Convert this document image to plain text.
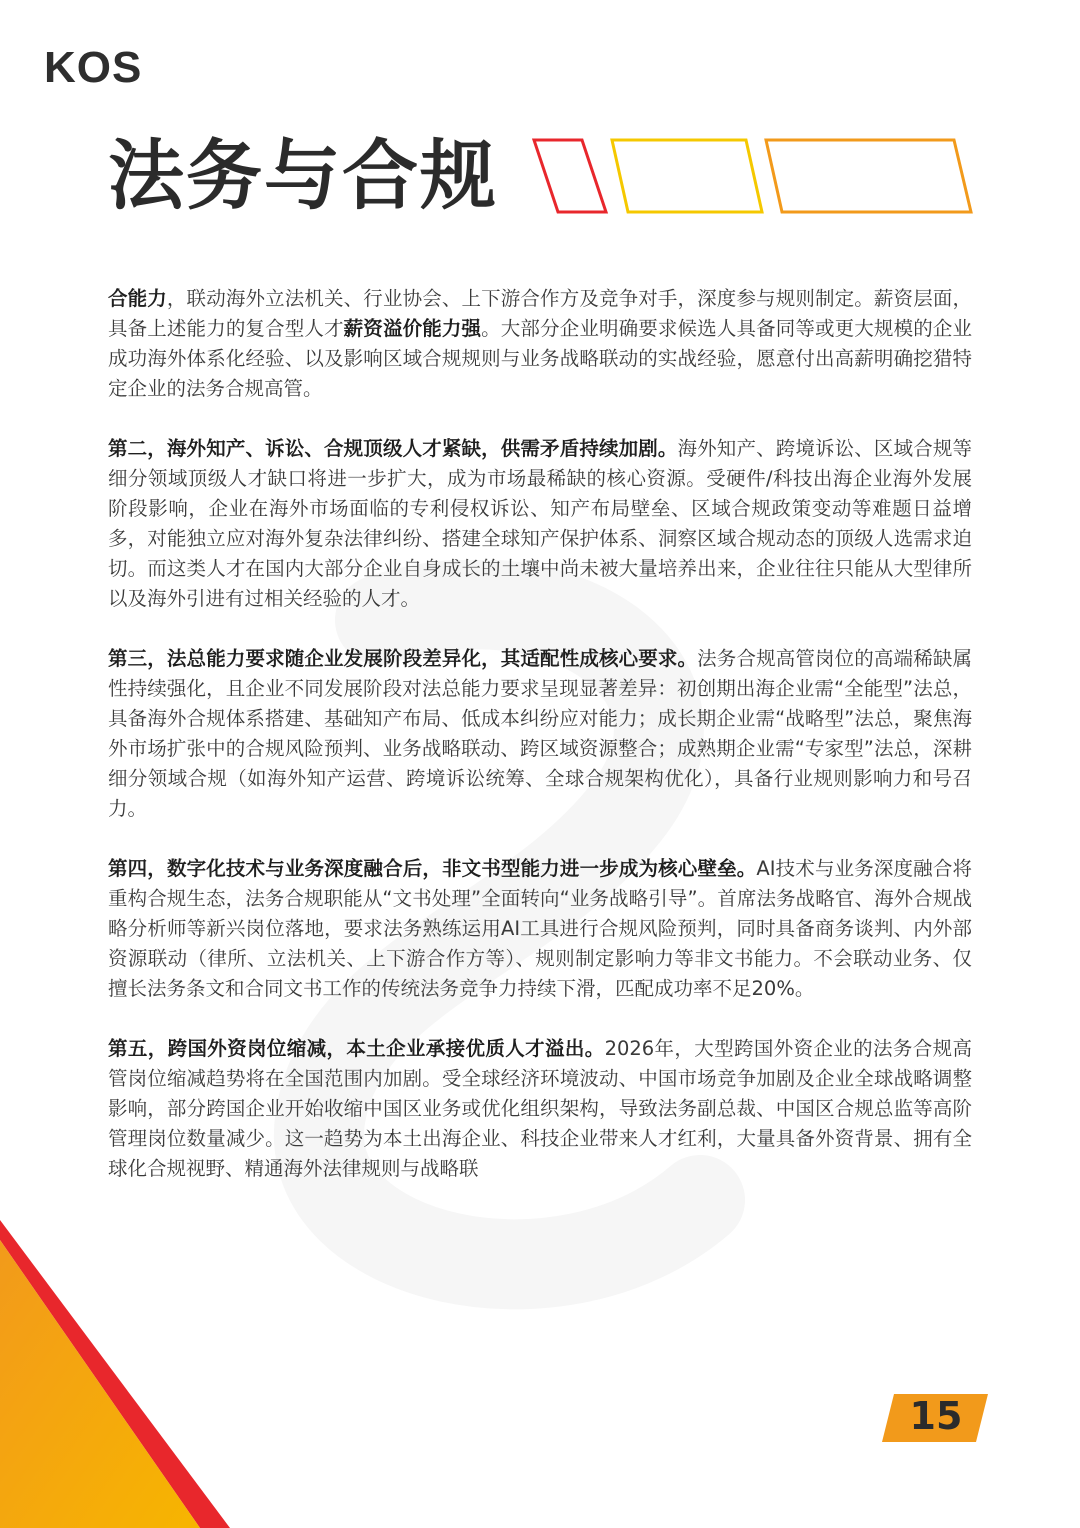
KOS
法务与合规

合能力，联动海外立法机关、行业协会、上下游合作方及竞争对手，深度参与规则制定。薪资层面，具备上述能力的复合型人才薪资溢价能力强。大部分企业明确要求候选人具备同等或更大规模的企业成功海外体系化经验、以及影响区域合规规则与业务战略联动的实战经验，愿意付出高薪明确挖猎特定企业的法务合规高管。

第二，海外知产、诉讼、合规顶级人才紧缺，供需矛盾持续加剧。海外知产、跨境诉讼、区域合规等细分领域顶级人才缺口将进一步扩大，成为市场最稀缺的核心资源。受硬件/科技出海企业海外发展阶段影响，企业在海外市场面临的专利侵权诉讼、知产布局壁垒、区域合规政策变动等难题日益增多，对能独立应对海外复杂法律纠纷、搭建全球知产保护体系、洞察区域合规动态的顶级人选需求迫切。而这类人才在国内大部分企业自身成长的土壤中尚未被大量培养出来，企业往往只能从大型律所以及海外引进有过相关经验的人才。

第三，法总能力要求随企业发展阶段差异化，其适配性成核心要求。法务合规高管岗位的高端稀缺属性持续强化，且企业不同发展阶段对法总能力要求呈现显著差异：初创期出海企业需“全能型”法总，具备海外合规体系搭建、基础知产布局、低成本纠纷应对能力；成长期企业需“战略型”法总，聚焦海外市场扩张中的合规风险预判、业务战略联动、跨区域资源整合；成熟期企业需“专家型”法总，深耕细分领域合规（如海外知产运营、跨境诉讼统筹、全球合规架构优化），具备行业规则影响力和号召力。

第四，数字化技术与业务深度融合后，非文书型能力进一步成为核心壁垒。AI技术与业务深度融合将重构合规生态，法务合规职能从“文书处理”全面转向“业务战略引导”。首席法务战略官、海外合规战略分析师等新兴岗位落地，要求法务熟练运用AI工具进行合规风险预判，同时具备商务谈判、内外部资源联动（律所、立法机关、上下游合作方等）、规则制定影响力等非文书能力。不会联动业务、仅擅长法务条文和合同文书工作的传统法务竞争力持续下滑，匹配成功率不足20%。

第五，跨国外资岗位缩减，本土企业承接优质人才溢出。2026年，大型跨国外资企业的法务合规高管岗位缩减趋势将在全国范围内加剧。受全球经济环境波动、中国市场竞争加剧及企业全球战略调整影响，部分跨国企业开始收缩中国区业务或优化组织架构，导致法务副总裁、中国区合规总监等高阶管理岗位数量减少。这一趋势为本土出海企业、科技企业带来人才红利，大量具备外资背景、拥有全球化合规视野、精通海外法律规则与战略联

15
